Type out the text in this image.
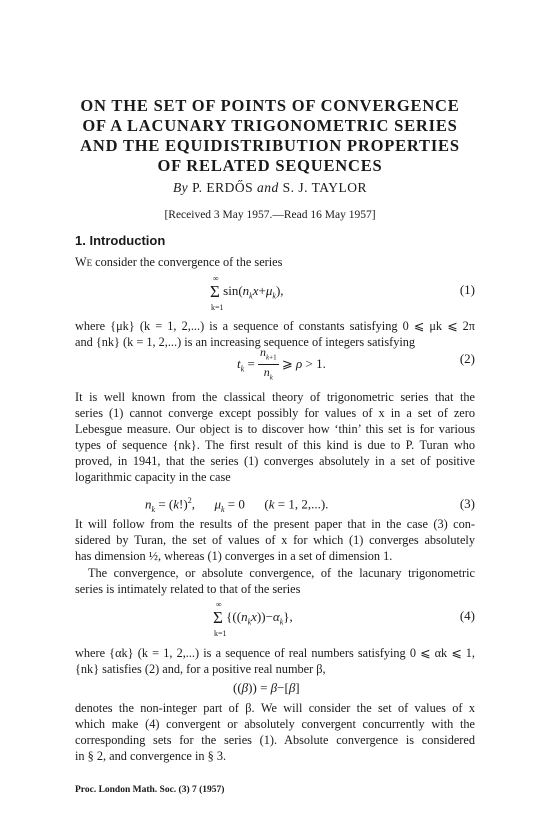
ON THE SET OF POINTS OF CONVERGENCE
OF A LACUNARY TRIGONOMETRIC SERIES
AND THE EQUIDISTRIBUTION PROPERTIES
OF RELATED SEQUENCES
By P. ERDŐS and S. J. TAYLOR
[Received 3 May 1957.—Read 16 May 1957]
1. Introduction
We consider the convergence of the series
Σ
∞
k=1
$\sin(n_kx+\mu_k)$,	(1)
where {μk} (k = 1, 2,...) is a sequence of constants satisfying 0 ⩽ μk ⩽ 2π
and {nk} (k = 1, 2,...) is an increasing sequence of integers satisfying
$t_k = \frac{n_{k+1}}{n_k}$ ⩾ ρ > 1.	(2)
It is well known from the classical theory of trigonometric series that the
series (1) cannot converge except possibly for values of x in a set of zero
Lebesgue measure. Our object is to discover how ‘thin’ this set is for various
types of sequence {nk}. The first result of this kind is due to P. Turan who
proved, in 1941, that the series (1) converges absolutely in a set of positive
logarithmic capacity in the case
$n_k = (k!)^2$,      $\mu_k = 0$      (k = 1, 2,...).	(3)
It will follow from the results of the present paper that in the case (3) con-
sidered by Turan, the set of values of x for which (1) converges absolutely
has dimension ½, whereas (1) converges in a set of dimension 1.
The convergence, or absolute convergence, of the lacunary trigonometric
series is intimately related to that of the series
Σ
∞
k=1
$\{((n_kx))-\alpha_k\}$,	(4)
where {αk} (k = 1, 2,...) is a sequence of real numbers satisfying 0 ⩽ αk ⩽ 1,
{nk} satisfies (2) and, for a positive real number β,
((β)) = β−[β]
denotes the non-integer part of β. We will consider the set of values of x
which make (4) convergent or absolutely convergent concurrently with the
corresponding sets for the series (1). Absolute convergence is considered
in § 2, and convergence in § 3.
Proc. London Math. Soc. (3) 7 (1957)
